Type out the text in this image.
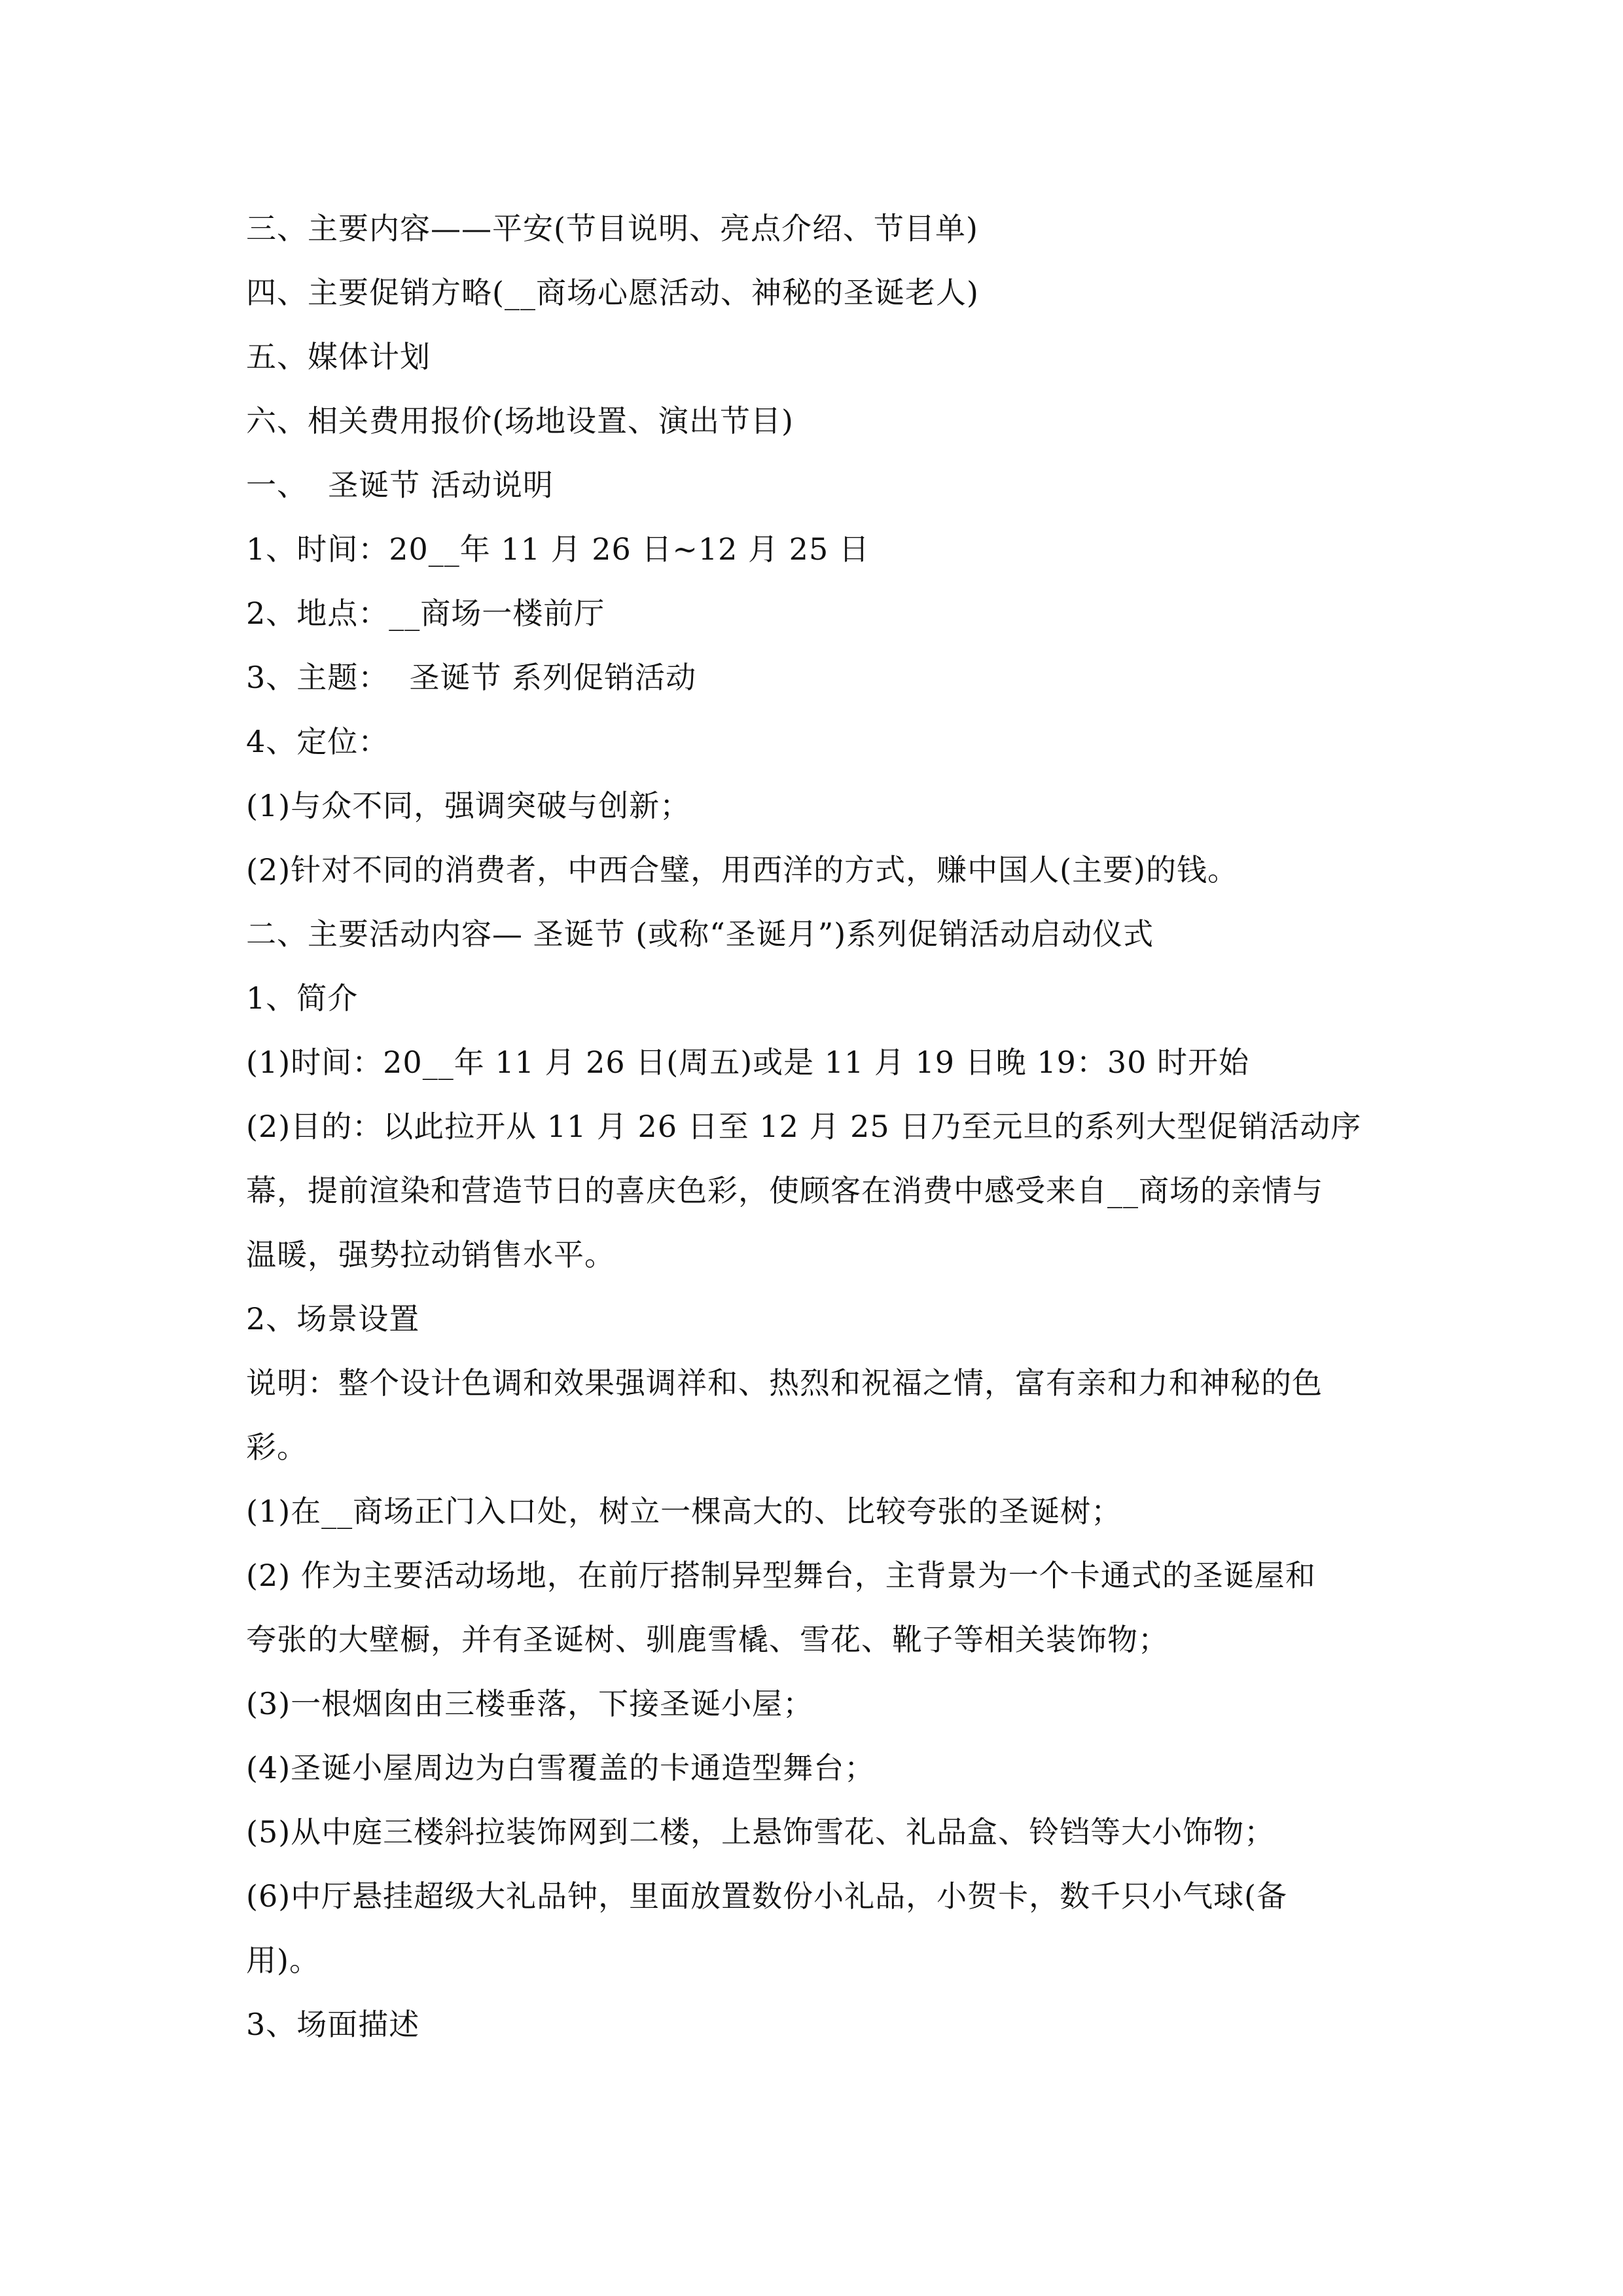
三、主要内容——平安(节目说明、亮点介绍、节目单)

四、主要促销方略(__商场心愿活动、神秘的圣诞老人)

五、媒体计划

六、相关费用报价(场地设置、演出节目)

一、  圣诞节 活动说明

1、时间：20__年 11 月 26 日~12 月 25 日

2、地点：__商场一楼前厅

3、主题：  圣诞节 系列促销活动

4、定位：

(1)与众不同，强调突破与创新；

(2)针对不同的消费者，中西合璧，用西洋的方式，赚中国人(主要)的钱。

二、主要活动内容— 圣诞节 (或称“圣诞月”)系列促销活动启动仪式

1、简介

(1)时间：20__年 11 月 26 日(周五)或是 11 月 19 日晚 19：30 时开始

(2)目的：以此拉开从 11 月 26 日至 12 月 25 日乃至元旦的系列大型促销活动序

幕，提前渲染和营造节日的喜庆色彩，使顾客在消费中感受来自__商场的亲情与

温暖，强势拉动销售水平。

2、场景设置

说明：整个设计色调和效果强调祥和、热烈和祝福之情，富有亲和力和神秘的色

彩。

(1)在__商场正门入口处，树立一棵高大的、比较夸张的圣诞树；

(2) 作为主要活动场地，在前厅搭制异型舞台，主背景为一个卡通式的圣诞屋和

夸张的大壁橱，并有圣诞树、驯鹿雪橇、雪花、靴子等相关装饰物；

(3)一根烟囱由三楼垂落，下接圣诞小屋；

(4)圣诞小屋周边为白雪覆盖的卡通造型舞台；

(5)从中庭三楼斜拉装饰网到二楼，上悬饰雪花、礼品盒、铃铛等大小饰物；

(6)中厅悬挂超级大礼品钟，里面放置数份小礼品，小贺卡，数千只小气球(备

用)。

3、场面描述
